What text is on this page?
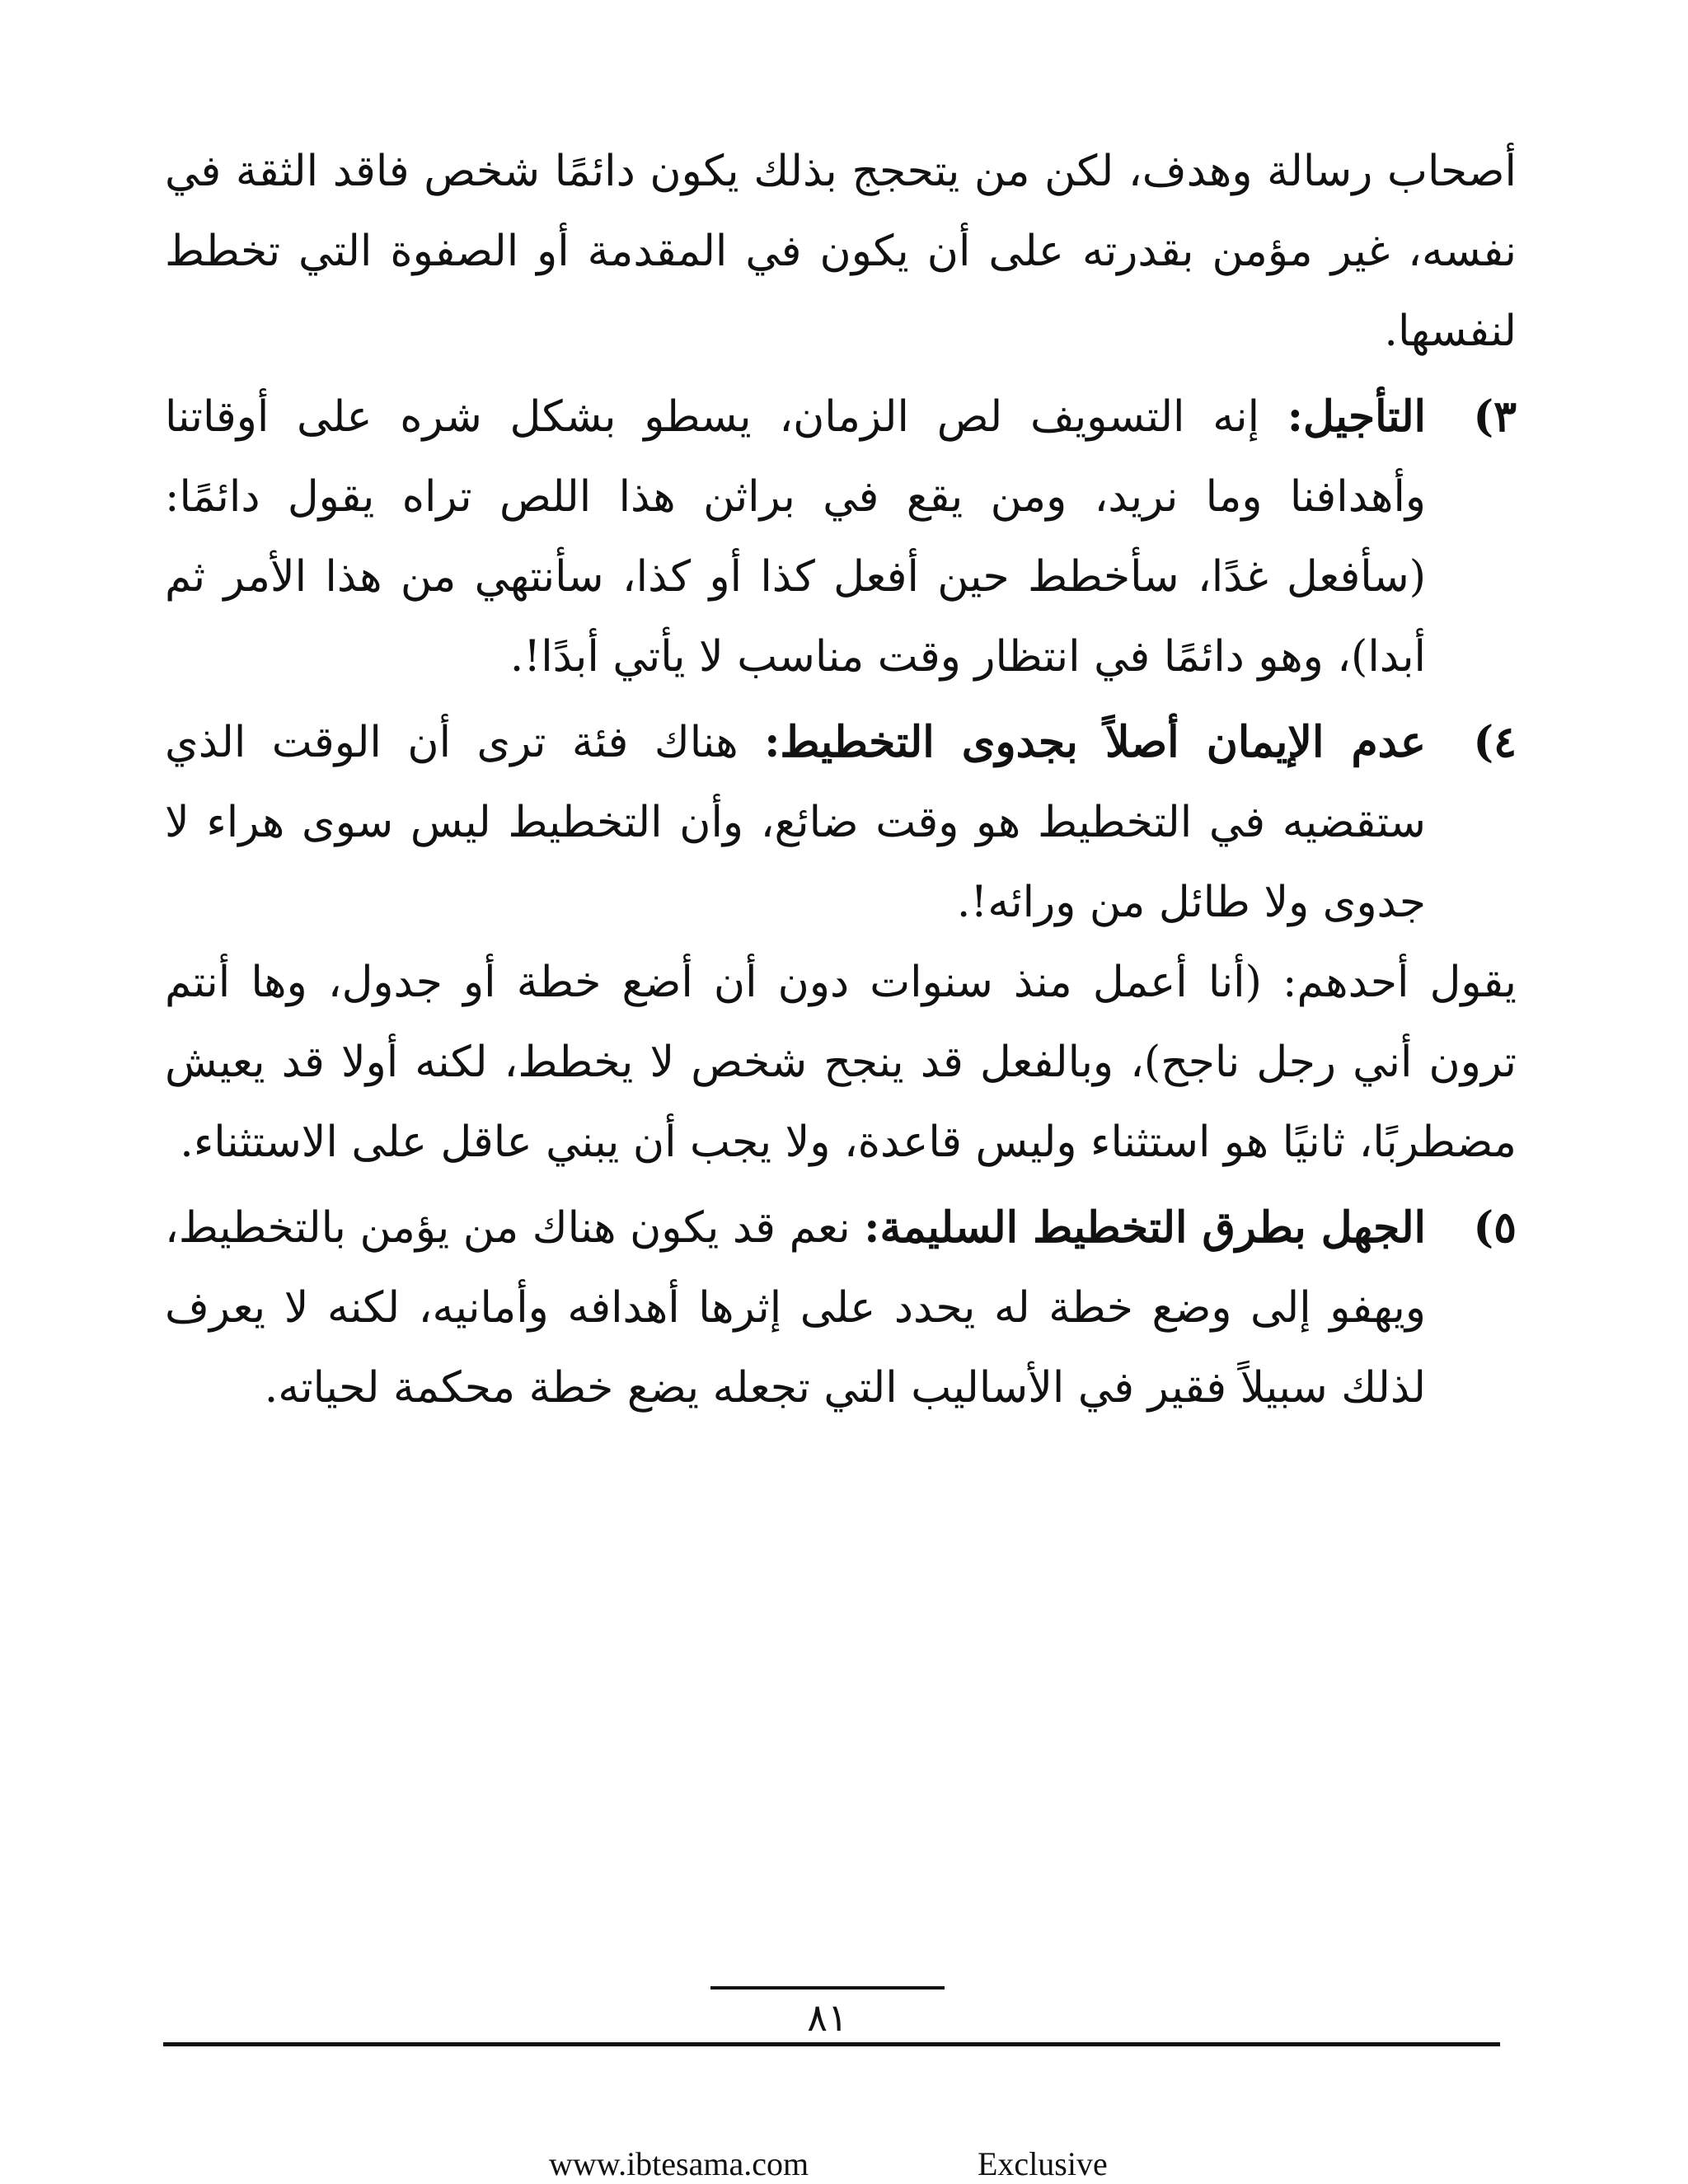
أصحاب رسالة وهدف، لكن من يتحجج بذلك يكون دائمًا شخص فاقد الثقة في نفسه، غير مؤمن بقدرته على أن يكون في المقدمة أو الصفوة التي تخطط لنفسها.

٣)
التأجيل: إنه التسويف لص الزمان، يسطو بشكل شره على أوقاتنا وأهدافنا وما نريد، ومن يقع في براثن هذا اللص تراه يقول دائمًا: (سأفعل غدًا، سأخطط حين أفعل كذا أو كذا، سأنتهي من هذا الأمر ثم أبدا)، وهو دائمًا في انتظار وقت مناسب لا يأتي أبدًا!.
٤)
عدم الإيمان أصلاً بجدوى التخطيط: هناك فئة ترى أن الوقت الذي ستقضيه في التخطيط هو وقت ضائع، وأن التخطيط ليس سوى هراء لا جدوى ولا طائل من ورائه!.

يقول أحدهم: (أنا أعمل منذ سنوات دون أن أضع خطة أو جدول، وها أنتم ترون أني رجل ناجح)، وبالفعل قد ينجح شخص لا يخطط، لكنه أولا قد يعيش مضطربًا، ثانيًا هو استثناء وليس قاعدة، ولا يجب أن يبني عاقل على الاستثناء.

٥)
الجهل بطرق التخطيط السليمة: نعم قد يكون هناك من يؤمن بالتخطيط، ويهفو إلى وضع خطة له يحدد على إثرها أهدافه وأمانيه، لكنه لا يعرف لذلك سبيلاً فقير في الأساليب التي تجعله يضع خطة محكمة لحياته.
٨١
www.ibtesama.com	Exclusive
